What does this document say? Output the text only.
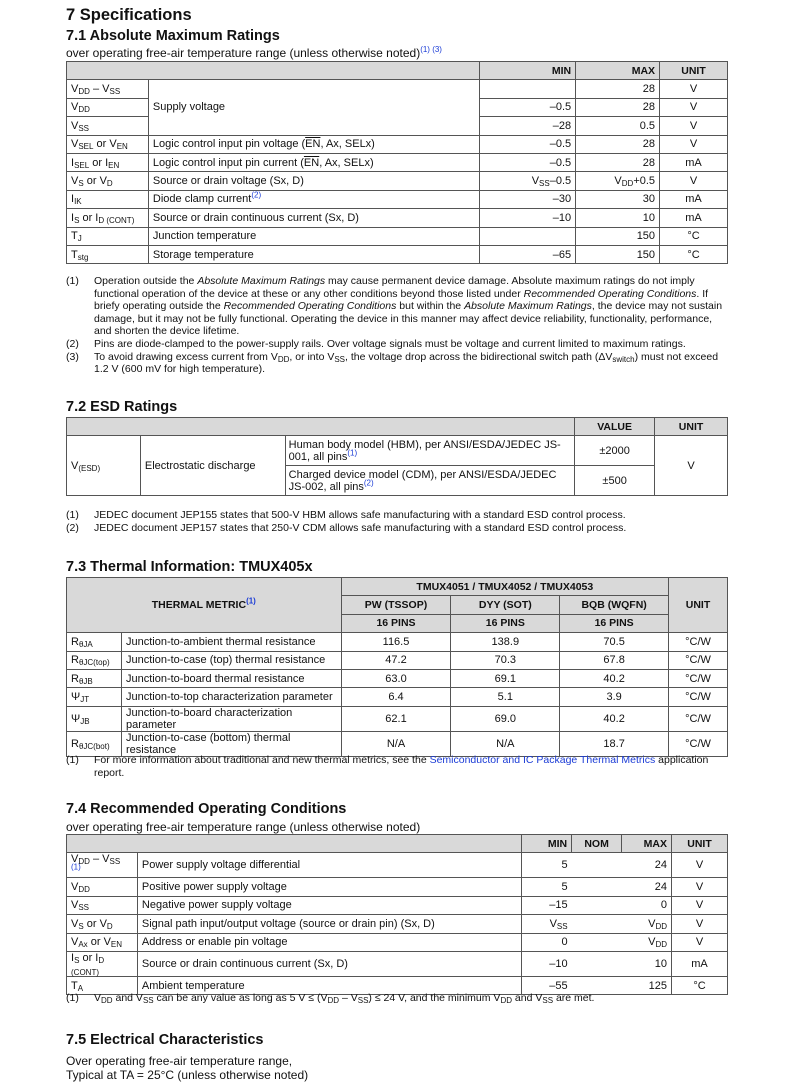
7 Specifications
7.1 Absolute Maximum Ratings
over operating free-air temperature range (unless otherwise noted)$^{(1) (3)}$
		MIN	MAX	UNIT
$V_{DD} - V_{SS}$	Supply voltage		28	V
$V_{DD}$		–0.5	28	V
$V_{SS}$		–28	0.5	V
$V_{SEL}$ or $V_{EN}$	Logic control input pin voltage ($\overline{EN}$, Ax, SELx)	–0.5	28	V
$I_{SEL}$ or $I_{EN}$	Logic control input pin current ($\overline{EN}$, Ax, SELx)	–0.5	28	mA
$V_S$ or $V_D$	Source or drain voltage (Sx, D)	$V_{SS}-0.5$	$V_{DD}+0.5$	V
$I_{IK}$	Diode clamp current$^{(2)}$	–30	30	mA
$I_S$ or $I_{D (CONT)}$	Source or drain continuous current (Sx, D)	–10	10	mA
$T_J$	Junction temperature		150	°C
$T_{stg}$	Storage temperature	–65	150	°C
(1)	Operation outside the Absolute Maximum Ratings may cause permanent device damage. Absolute maximum ratings do not imply functional operation of the device at these or any other conditions beyond those listed under Recommended Operating Conditions. If briefy operating outside the Recommended Operating Conditions but within the Absolute Maximum Ratings, the device may not sustain damage, but it may not be fully functional. Operating the device in this manner may affect device reliability, functionality, performance, and shorten the device lifetime.
(2)	Pins are diode-clamped to the power-supply rails. Over voltage signals must be voltage and current limited to maximum ratings.
(3)	To avoid drawing excess current from $V_{DD}$, or into $V_{SS}$, the voltage drop across the bidirectional switch path $(\Delta V_{switch})$ must not exceed 1.2 V (600 mV for high temperature).
7.2 ESD Ratings
			VALUE	UNIT
$V_{(ESD)}$	Electrostatic discharge	Human body model (HBM), per ANSI/ESDA/JEDEC JS-001, all pins$^{(1)}$	±2000	V
		Charged device model (CDM), per ANSI/ESDA/JEDEC JS-002, all pins$^{(2)}$	±500	
(1)	JEDEC document JEP155 states that 500-V HBM allows safe manufacturing with a standard ESD control process.
(2)	JEDEC document JEP157 states that 250-V CDM allows safe manufacturing with a standard ESD control process.
7.3 Thermal Information: TMUX405x
THERMAL METRIC$^{(1)}$		TMUX4051 / TMUX4052 / TMUX4053			UNIT
		PW (TSSOP)	DYY (SOT)	BQB (WQFN)	
		16 PINS	16 PINS	16 PINS	
$R_{\theta JA}$	Junction-to-ambient thermal resistance	116.5	138.9	70.5	°C/W
$R_{\theta JC(top)}$	Junction-to-case (top) thermal resistance	47.2	70.3	67.8	°C/W
$R_{\theta JB}$	Junction-to-board thermal resistance	63.0	69.1	40.2	°C/W
$\Psi_{JT}$	Junction-to-top characterization parameter	6.4	5.1	3.9	°C/W
$\Psi_{JB}$	Junction-to-board characterization parameter	62.1	69.0	40.2	°C/W
$R_{\theta JC(bot)}$	Junction-to-case (bottom) thermal resistance	N/A	N/A	18.7	°C/W
(1)	For more information about traditional and new thermal metrics, see the Semiconductor and IC Package Thermal Metrics application report.
7.4 Recommended Operating Conditions
over operating free-air temperature range (unless otherwise noted)
		MIN	NOM	MAX	UNIT
$V_{DD} - V_{SS}$ $^{(1)}$	Power supply voltage differential	5		24	V
$V_{DD}$	Positive power supply voltage	5		24	V
$V_{SS}$	Negative power supply voltage	–15		0	V
$V_S$ or $V_D$	Signal path input/output voltage (source or drain pin) (Sx, D)	$V_{SS}$		$V_{DD}$	V
$V_{Ax}$ or $V_{EN}$	Address or enable pin voltage	0		$V_{DD}$	V
$I_S$ or $I_{D (CONT)}$	Source or drain continuous current (Sx, D)	–10		10	mA
$T_A$	Ambient temperature	–55		125	°C
(1)	$V_{DD}$ and $V_{SS}$ can be any value as long as 5 $V \le (V_{DD} - V_{SS}) \le 24$ V, and the minimum $V_{DD}$ and $V_{SS}$ are met.
7.5 Electrical Characteristics
Over operating free-air temperature range,
Typical at TA = 25°C (unless otherwise noted)
